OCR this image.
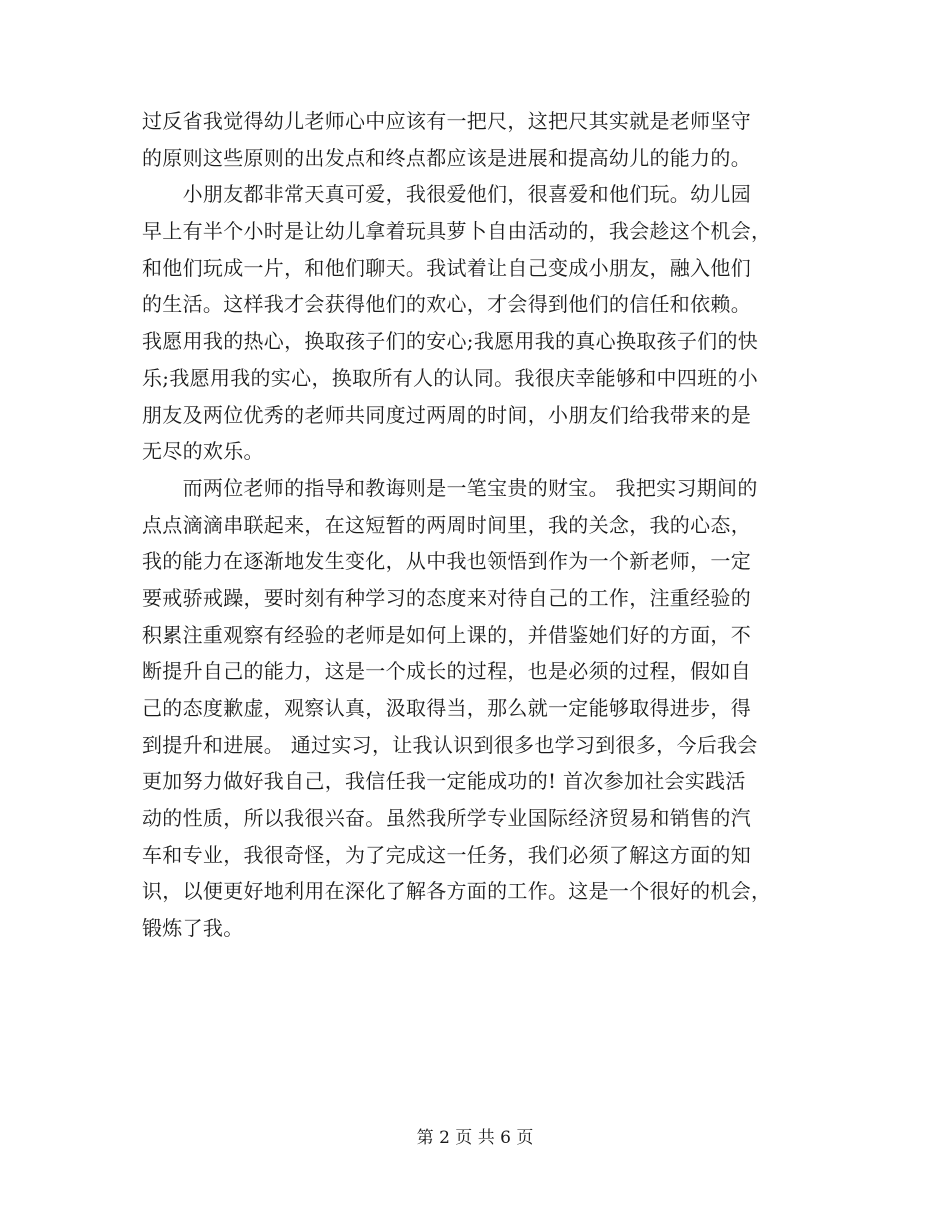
过反省我觉得幼儿老师心中应该有一把尺，这把尺其实就是老师坚守
的原则这些原则的出发点和终点都应该是进展和提高幼儿的能力的。
　　小朋友都非常天真可爱，我很爱他们，很喜爱和他们玩。幼儿园
早上有半个小时是让幼儿拿着玩具萝卜自由活动的，我会趁这个机会，
和他们玩成一片，和他们聊天。我试着让自己变成小朋友，融入他们
的生活。这样我才会获得他们的欢心，才会得到他们的信任和依赖。
我愿用我的热心，换取孩子们的安心;我愿用我的真心换取孩子们的快
乐;我愿用我的实心，换取所有人的认同。我很庆幸能够和中四班的小
朋友及两位优秀的老师共同度过两周的时间，小朋友们给我带来的是
无尽的欢乐。
　　而两位老师的指导和教诲则是一笔宝贵的财宝。 我把实习期间的
点点滴滴串联起来，在这短暂的两周时间里，我的关念，我的心态，
我的能力在逐渐地发生变化，从中我也领悟到作为一个新老师，一定
要戒骄戒躁，要时刻有种学习的态度来对待自己的工作，注重经验的
积累注重观察有经验的老师是如何上课的，并借鉴她们好的方面，不
断提升自己的能力，这是一个成长的过程，也是必须的过程，假如自
己的态度歉虚，观察认真，汲取得当，那么就一定能够取得进步，得
到提升和进展。 通过实习，让我认识到很多也学习到很多，今后我会
更加努力做好我自己，我信任我一定能成功的! 首次参加社会实践活
动的性质，所以我很兴奋。虽然我所学专业国际经济贸易和销售的汽
车和专业，我很奇怪，为了完成这一任务，我们必须了解这方面的知
识，以便更好地利用在深化了解各方面的工作。这是一个很好的机会，
锻炼了我。
第 2 页 共 6 页
